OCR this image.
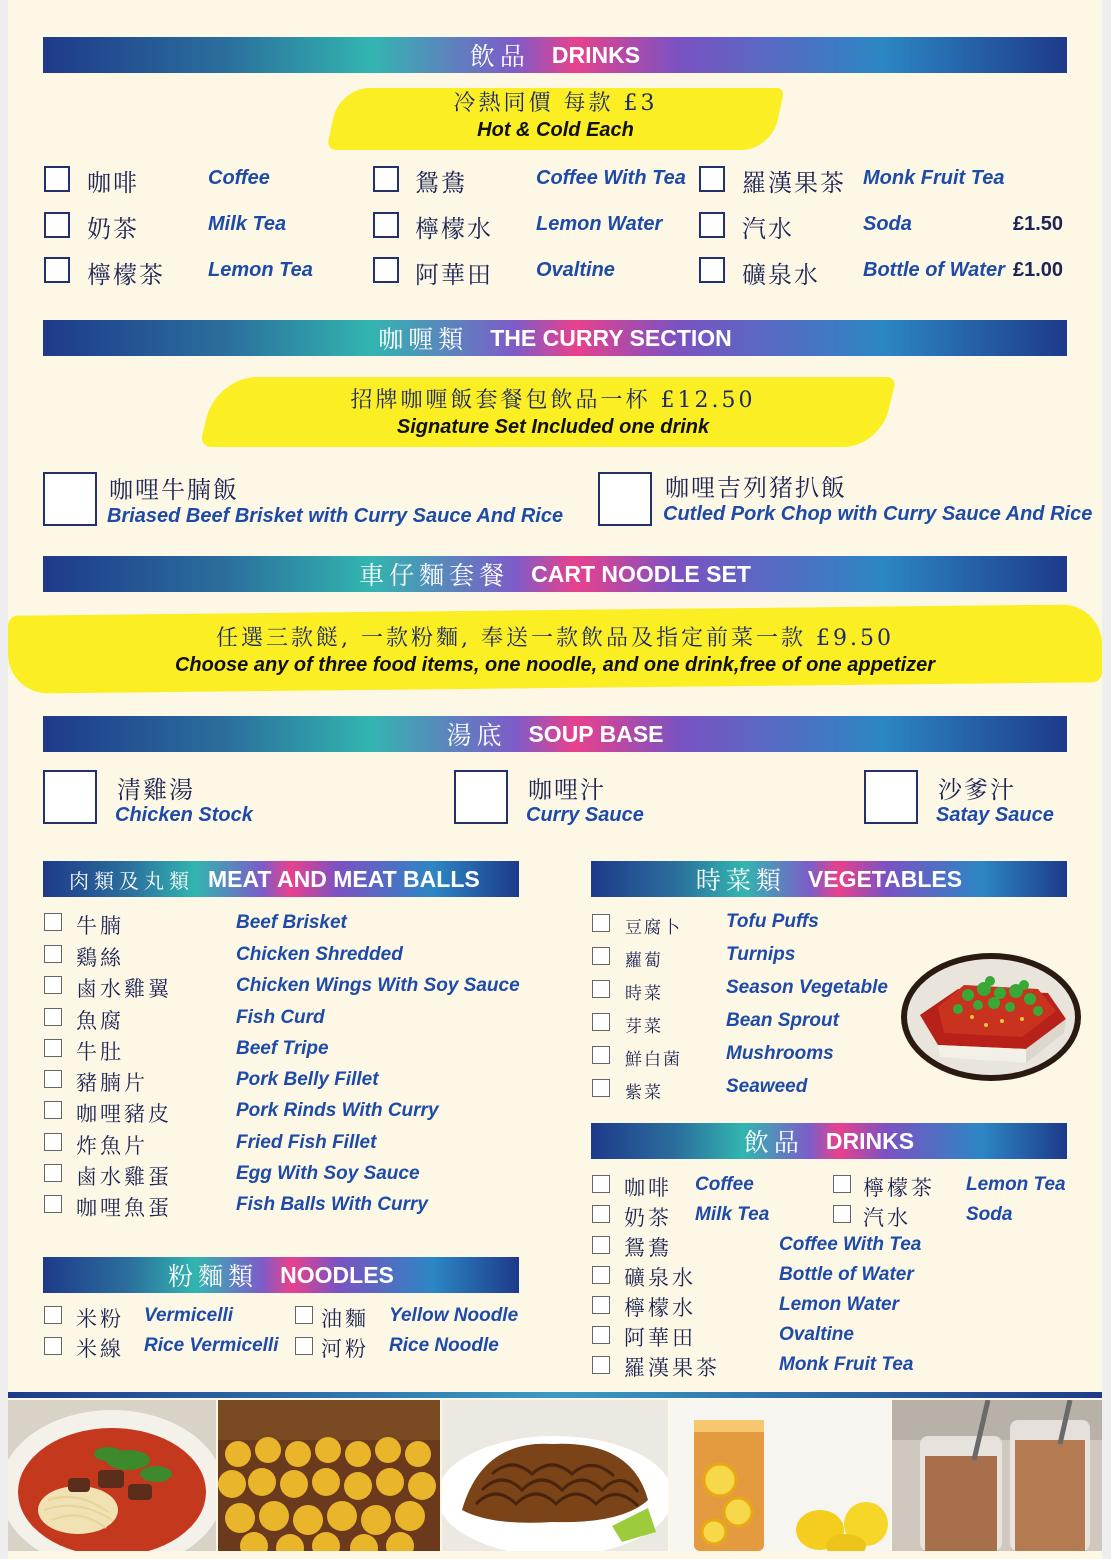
飲品 DRINKS
冷熱同價 每款 £3
Hot & Cold Each
咖啡	Coffee
奶茶	Milk Tea
檸檬茶 Lemon Tea
鴛鴦	Coffee With Tea
檸檬水 Lemon Water
阿華田 Ovaltine
羅漢果茶 Monk Fruit Tea
汽水	Soda	£1.50
礦泉水 Bottle of Water £1.00
咖喱類 THE CURRY SECTION
招牌咖喱飯套餐包飲品一杯 £12.50
Signature Set Included one drink
咖哩牛腩飯
Briased Beef Brisket with Curry Sauce And Rice
咖哩吉列猪扒飯
Cutled Pork Chop with Curry Sauce And Rice
車仔麵套餐 CART NOODLE SET
任選三款餸, 一款粉麵, 奉送一款飲品及指定前菜一款 £9.50
Choose any of three food items, one noodle, and one drink,free of one appetizer
湯底 SOUP BASE
清雞湯
Chicken Stock
咖哩汁
Curry Sauce
沙爹汁
Satay Sauce
肉類及丸類 MEAT AND MEAT BALLS
牛腩	Beef Brisket
鷄絲	Chicken Shredded
鹵水雞翼	Chicken Wings With Soy Sauce
魚腐	Fish Curd
牛肚	Beef Tripe
豬腩片	Pork Belly Fillet
咖哩豬皮	Pork Rinds With Curry
炸魚片	Fried Fish Fillet
鹵水雞蛋	Egg With Soy Sauce
咖哩魚蛋	Fish Balls With Curry
時菜類 VEGETABLES
豆腐卜 Tofu Puffs
蘿蔔	Turnips
時菜	Season Vegetable
芽菜	Bean Sprout
鮮白菌 Mushrooms
紫菜	Seaweed
粉麵類 NOODLES
米粉 Vermicelli	油麵 Yellow Noodle
米線 Rice Vermicelli 河粉 Rice Noodle
飲品 DRINKS
咖啡 Coffee	檸檬茶 Lemon Tea
奶茶 Milk Tea	汽水	Soda
鴛鴦	Coffee With Tea
礦泉水	Bottle of Water
檸檬水	Lemon Water
阿華田	Ovaltine
羅漢果茶	Monk Fruit Tea
